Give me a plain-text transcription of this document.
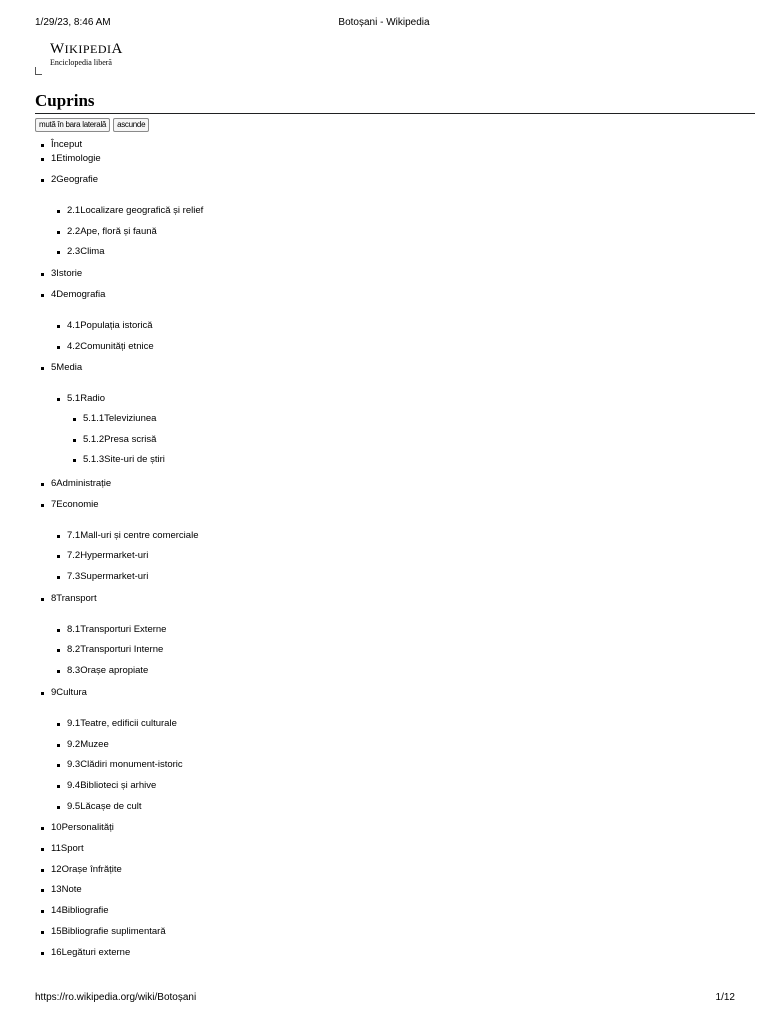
1/29/23, 8:46 AM	Botoșani - Wikipedia
WIKIPEDIA
Enciclopedia liberă
Cuprins
mută în bara laterală	ascunde
Început
1Etimologie
2Geografie
2.1Localizare geografică și relief
2.2Ape, floră și faună
2.3Clima
3Istorie
4Demografia
4.1Populația istorică
4.2Comunități etnice
5Media
5.1Radio
5.1.1Televiziunea
5.1.2Presa scrisă
5.1.3Site-uri de știri
6Administrație
7Economie
7.1Mall-uri și centre comerciale
7.2Hypermarket-uri
7.3Supermarket-uri
8Transport
8.1Transporturi Externe
8.2Transporturi Interne
8.3Orașe apropiate
9Cultura
9.1Teatre, edificii culturale
9.2Muzee
9.3Clădiri monument-istoric
9.4Biblioteci și arhive
9.5Lăcașe de cult
10Personalități
11Sport
12Orașe înfrățite
13Note
14Bibliografie
15Bibliografie suplimentară
16Legături externe
https://ro.wikipedia.org/wiki/Botoșani	1/12
